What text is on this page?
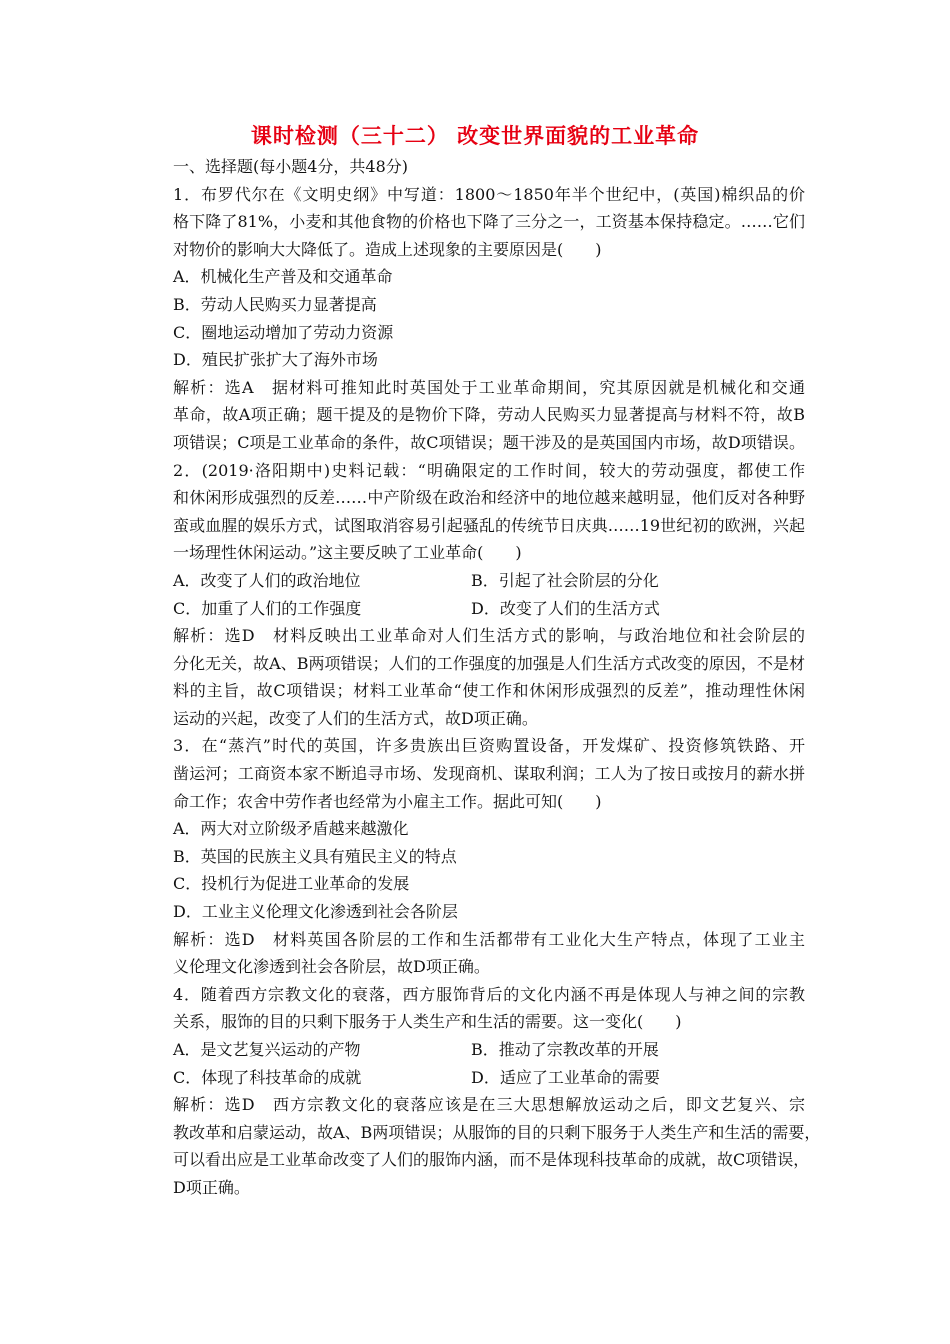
课时检测（三十二） 改变世界面貌的工业革命
一、选择题(每小题4分，共48分)
1．布罗代尔在《文明史纲》中写道：1800～1850年半个世纪中，(英国)棉织品的价
格下降了81%，小麦和其他食物的价格也下降了三分之一，工资基本保持稳定。……它们
对物价的影响大大降低了。造成上述现象的主要原因是(　　)
A．机械化生产普及和交通革命
B．劳动人民购买力显著提高
C．圈地运动增加了劳动力资源
D．殖民扩张扩大了海外市场
解析：选A　据材料可推知此时英国处于工业革命期间，究其原因就是机械化和交通
革命，故A项正确；题干提及的是物价下降，劳动人民购买力显著提高与材料不符，故B
项错误；C项是工业革命的条件，故C项错误；题干涉及的是英国国内市场，故D项错误。
2．(2019·洛阳期中)史料记载：“明确限定的工作时间，较大的劳动强度，都使工作
和休闲形成强烈的反差……中产阶级在政治和经济中的地位越来越明显，他们反对各种野
蛮或血腥的娱乐方式，试图取消容易引起骚乱的传统节日庆典……19世纪初的欧洲，兴起
一场理性休闲运动。”这主要反映了工业革命(　　)
A．改变了人们的政治地位	B．引起了社会阶层的分化
C．加重了人们的工作强度	D．改变了人们的生活方式
解析：选D　材料反映出工业革命对人们生活方式的影响，与政治地位和社会阶层的
分化无关，故A、B两项错误；人们的工作强度的加强是人们生活方式改变的原因，不是材
料的主旨，故C项错误；材料工业革命“使工作和休闲形成强烈的反差”，推动理性休闲
运动的兴起，改变了人们的生活方式，故D项正确。
3．在“蒸汽”时代的英国，许多贵族出巨资购置设备，开发煤矿、投资修筑铁路、开
凿运河；工商资本家不断追寻市场、发现商机、谋取利润；工人为了按日或按月的薪水拼
命工作；农舍中劳作者也经常为小雇主工作。据此可知(　　)
A．两大对立阶级矛盾越来越激化
B．英国的民族主义具有殖民主义的特点
C．投机行为促进工业革命的发展
D．工业主义伦理文化渗透到社会各阶层
解析：选D　材料英国各阶层的工作和生活都带有工业化大生产特点，体现了工业主
义伦理文化渗透到社会各阶层，故D项正确。
4．随着西方宗教文化的衰落，西方服饰背后的文化内涵不再是体现人与神之间的宗教
关系，服饰的目的只剩下服务于人类生产和生活的需要。这一变化(　　)
A．是文艺复兴运动的产物	B．推动了宗教改革的开展
C．体现了科技革命的成就	D．适应了工业革命的需要
解析：选D　西方宗教文化的衰落应该是在三大思想解放运动之后，即文艺复兴、宗
教改革和启蒙运动，故A、B两项错误；从服饰的目的只剩下服务于人类生产和生活的需要，
可以看出应是工业革命改变了人们的服饰内涵，而不是体现科技革命的成就，故C项错误，
D项正确。
